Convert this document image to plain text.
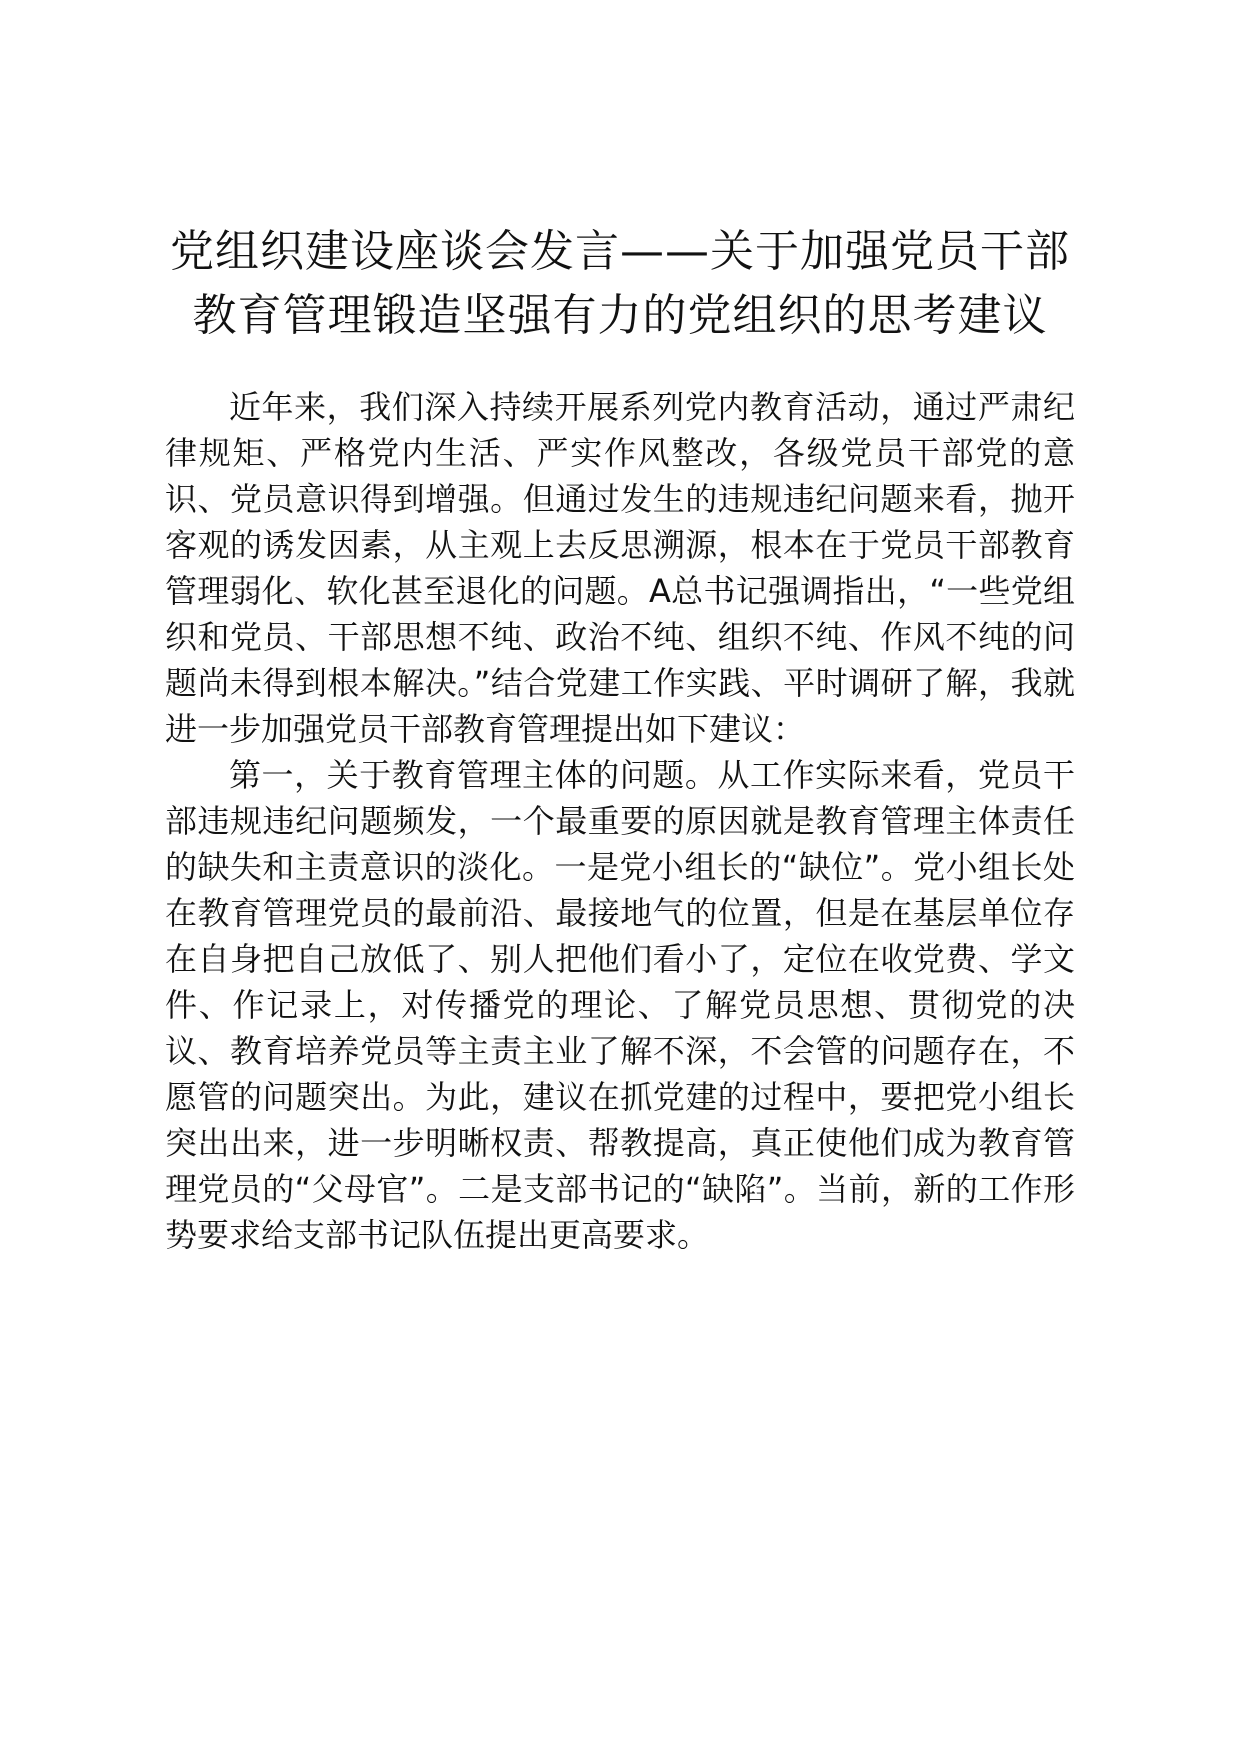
党组织建设座谈会发言——关于加强党员干部
教育管理锻造坚强有力的党组织的思考建议

近年来，我们深入持续开展系列党内教育活动，通过严肃纪律规矩、严格党内生活、严实作风整改，各级党员干部党的意识、党员意识得到增强。但通过发生的违规违纪问题来看，抛开客观的诱发因素，从主观上去反思溯源，根本在于党员干部教育管理弱化、软化甚至退化的问题。A总书记强调指出，“一些党组织和党员、干部思想不纯、政治不纯、组织不纯、作风不纯的问题尚未得到根本解决。”结合党建工作实践、平时调研了解，我就进一步加强党员干部教育管理提出如下建议：

第一，关于教育管理主体的问题。从工作实际来看，党员干部违规违纪问题频发，一个最重要的原因就是教育管理主体责任的缺失和主责意识的淡化。一是党小组长的“缺位”。党小组长处在教育管理党员的最前沿、最接地气的位置，但是在基层单位存在自身把自己放低了、别人把他们看小了，定位在收党费、学文件、作记录上，对传播党的理论、了解党员思想、贯彻党的决议、教育培养党员等主责主业了解不深，不会管的问题存在，不愿管的问题突出。为此，建议在抓党建的过程中，要把党小组长突出出来，进一步明晰权责、帮教提高，真正使他们成为教育管理党员的“父母官”。二是支部书记的“缺陷”。当前，新的工作形势要求给支部书记队伍提出更高要求。
